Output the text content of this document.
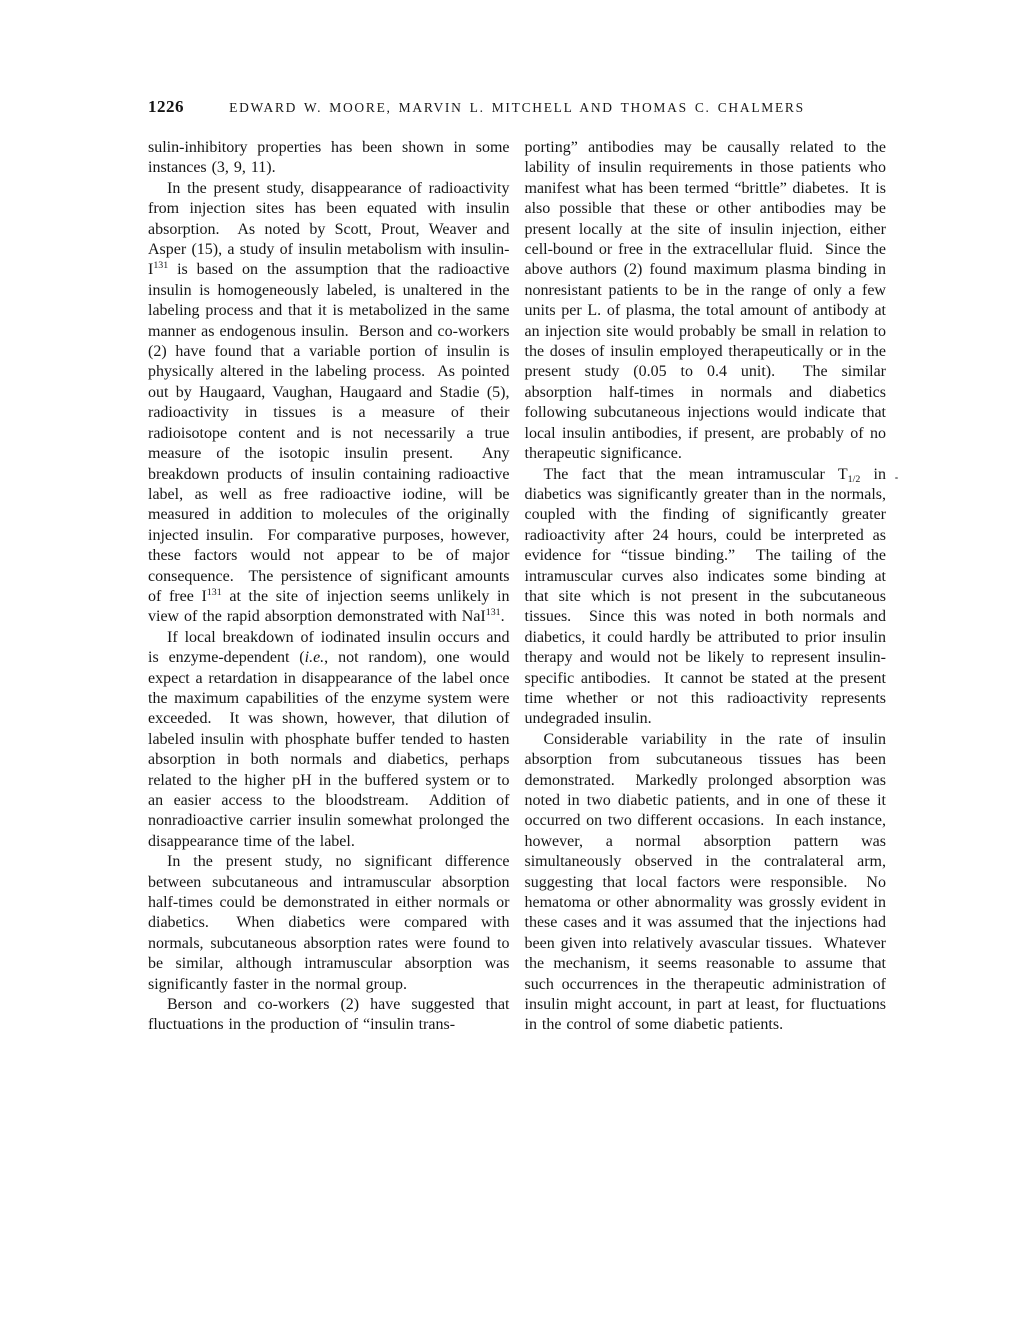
1226	EDWARD W. MOORE, MARVIN L. MITCHELL AND THOMAS C. CHALMERS

sulin-inhibitory properties has been shown in some instances (3, 9, 11).

In the present study, disappearance of radioactivity from injection sites has been equated with insulin absorption.  As noted by Scott, Prout, Weaver and Asper (15), a study of insulin metabolism with insulin-$I^{131}$ is based on the assumption that the radioactive insulin is homogeneously labeled, is unaltered in the labeling process and that it is metabolized in the same manner as endogenous insulin.  Berson and co-workers (2) have found that a variable portion of insulin is physically altered in the labeling process.  As pointed out by Haugaard, Vaughan, Haugaard and Stadie (5), radioactivity in tissues is a measure of their radioisotope content and is not necessarily a true measure of the isotopic insulin present.  Any breakdown products of insulin containing radioactive label, as well as free radioactive iodine, will be measured in addition to molecules of the originally injected insulin.  For comparative purposes, however, these factors would not appear to be of major consequence.  The persistence of significant amounts of free $I^{131}$ at the site of injection seems unlikely in view of the rapid absorption demonstrated with NaI$^{131}$.

If local breakdown of iodinated insulin occurs and is enzyme-dependent (i.e., not random), one would expect a retardation in disappearance of the label once the maximum capabilities of the enzyme system were exceeded.  It was shown, however, that dilution of labeled insulin with phosphate buffer tended to hasten absorption in both normals and diabetics, perhaps related to the higher pH in the buffered system or to an easier access to the bloodstream.  Addition of nonradioactive carrier insulin somewhat prolonged the disappearance time of the label.

In the present study, no significant difference between subcutaneous and intramuscular absorption half-times could be demonstrated in either normals or diabetics.  When diabetics were compared with normals, subcutaneous absorption rates were found to be similar, although intramuscular absorption was significantly faster in the normal group.

Berson and co-workers (2) have suggested that fluctuations in the production of “insulin trans-

porting” antibodies may be causally related to the lability of insulin requirements in those patients who manifest what has been termed “brittle” diabetes.  It is also possible that these or other antibodies may be present locally at the site of insulin injection, either cell-bound or free in the extracellular fluid.  Since the above authors (2) found maximum plasma binding in nonresistant patients to be in the range of only a few units per L. of plasma, the total amount of antibody at an injection site would probably be small in relation to the doses of insulin employed therapeutically or in the present study (0.05 to 0.4 unit).  The similar absorption half-times in normals and diabetics following subcutaneous injections would indicate that local insulin antibodies, if present, are probably of no therapeutic significance.

The fact that the mean intramuscular $T_{1/2}$ in diabetics was significantly greater than in the normals, coupled with the finding of significantly greater radioactivity after 24 hours, could be interpreted as evidence for “tissue binding.”  The tailing of the intramuscular curves also indicates some binding at that site which is not present in the subcutaneous tissues.  Since this was noted in both normals and diabetics, it could hardly be attributed to prior insulin therapy and would not be likely to represent insulin-specific antibodies.  It cannot be stated at the present time whether or not this radioactivity represents undegraded insulin.

Considerable variability in the rate of insulin absorption from subcutaneous tissues has been demonstrated.  Markedly prolonged absorption was noted in two diabetic patients, and in one of these it occurred on two different occasions.  In each instance, however, a normal absorption pattern was simultaneously observed in the contralateral arm, suggesting that local factors were responsible.  No hematoma or other abnormality was grossly evident in these cases and it was assumed that the injections had been given into relatively avascular tissues.  Whatever the mechanism, it seems reasonable to assume that such occurrences in the therapeutic administration of insulin might account, in part at least, for fluctuations in the control of some diabetic patients.
